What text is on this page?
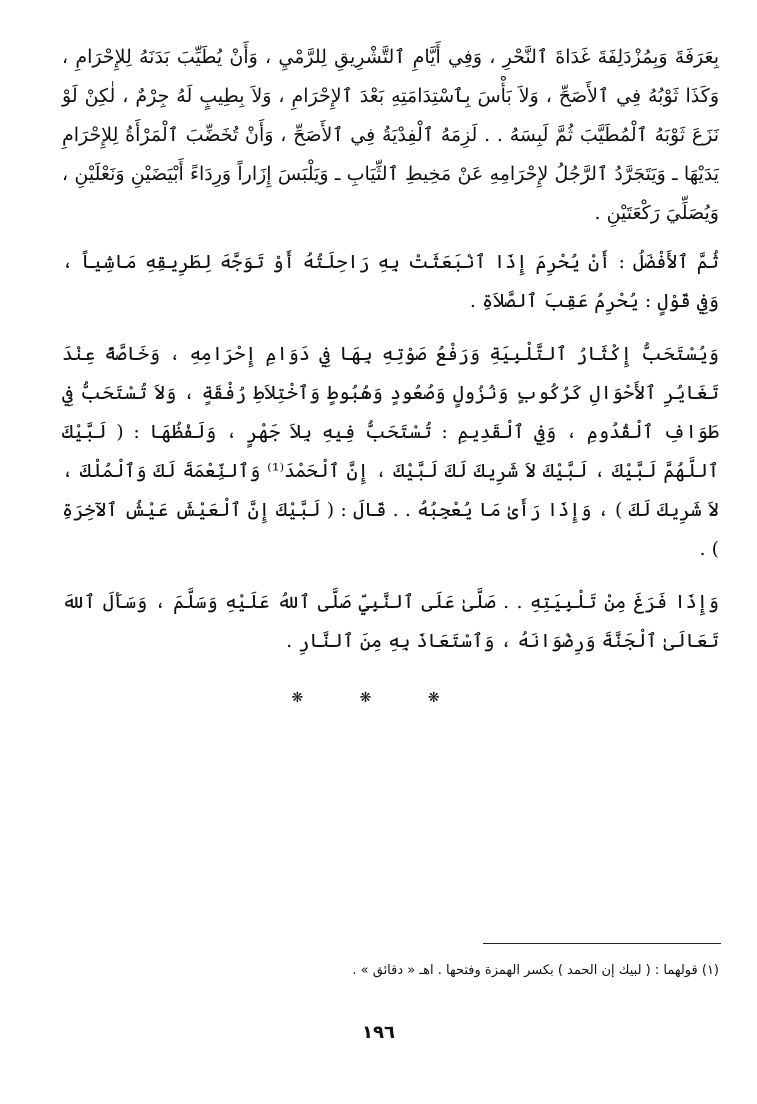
بِعَرَفَةَ وَبِمُزْدَلِفَةَ غَدَاةَ ٱلنَّحْرِ ، وَفِي أَيَّامِ ٱلتَّشْرِيقِ لِلرَّمْيِ ، وَأَنْ يُطَيِّبَ بَدَنَهُ لِلإِحْرَامِ ، وَكَذَا ثَوْبُهُ فِي ٱلأَصَحِّ ، وَلاَ بَأْسَ بِٱسْتِدَامَتِهِ بَعْدَ ٱلإِحْرَامِ ، وَلاَ بِطِيبٍ لَهُ جِرْمٌ ، لٰكِنْ لَوْ نَزَعَ ثَوْبَهُ ٱلْمُطَيَّبَ ثُمَّ لَبِسَهُ . . لَزِمَهُ ٱلْفِدْيَةُ فِي ٱلأَصَحِّ ، وَأَنْ تُخَضِّبَ ٱلْمَرْأَةُ لِلإِحْرَامِ يَدَيْهَا ـ وَيَتَجَرَّدُ ٱلرَّجُلُ لإِحْرَامِهِ عَنْ مَخِيطِ ٱلثِّيَابِ ـ وَيَلْبَسَ إِزَاراً وَرِدَاءً أَبْيَضَيْنِ وَنَعْلَيْنِ ، وَيُصَلِّيَ رَكْعَتَيْنِ .

ثُمَّ ٱلأَفْضَلُ : أَنْ يُحْرِمَ إِذَا ٱنْبَعَثَتْ بِهِ رَاحِلَتُهُ أَوْ تَوَجَّهَ لِطَرِيقِهِ مَاشِياً ، وَفِي قَوْلٍ : يُحْرِمُ عَقِبَ ٱلصَّلاَةِ .

وَيُسْتَحَبُّ إِكْثَارُ ٱلتَّلْبِيَةِ وَرَفْعُ صَوْتِهِ بِهَا فِي دَوَامِ إِحْرَامِهِ ، وَخَاصَّةً عِنْدَ تَغَايُرِ ٱلأَحْوَالِ كَرُكُوبٍ وَنُزُولٍ وَصُعُودٍ وَهُبُوطٍ وَٱخْتِلاَطِ رُفْقَةٍ ، وَلاَ تُسْتَحَبُّ فِي طَوَافِ ٱلْقُدُومِ ، وَفِي ٱلْقَدِيمِ : تُسْتَحَبُّ فِيهِ بِلاَ جَهْرٍ ، وَلَفْظُهَا : ( لَبَّيْكَ ٱللَّهُمَّ لَبَّيْكَ ، لَبَّيْكَ لاَ شَرِيكَ لَكَ لَبَّيْكَ ، إِنَّ ٱلْحَمْدَ⁽¹⁾ وَٱلنِّعْمَةَ لَكَ وَٱلْمُلْكَ ، لاَ شَرِيكَ لَكَ ) ، وَإِذَا رَأَىٰ مَا يُعْجِبُهُ . . قَالَ : ( لَبَّيْكَ إِنَّ ٱلْعَيْشَ عَيْشُ ٱلآخِرَةِ ) .

وَإِذَا فَرَغَ مِنْ تَلْبِيَتِهِ . . صَلَّىٰ عَلَى ٱلنَّبِيِّ صَلَّى ٱللهُ عَلَيْهِ وَسَلَّمَ ، وَسَأَلَ ٱللهَ تَعَالَىٰ ٱلْجَنَّةَ وَرِضْوَانَهُ ، وَٱسْتَعَاذَ بِهِ مِنَ ٱلنَّارِ .

❋ ❋ ❋
(١) قولهما : ( لبيك إن الحمد ) بكسر الهمزة وفتحها . اهـ « دقائق » .
١٩٦
